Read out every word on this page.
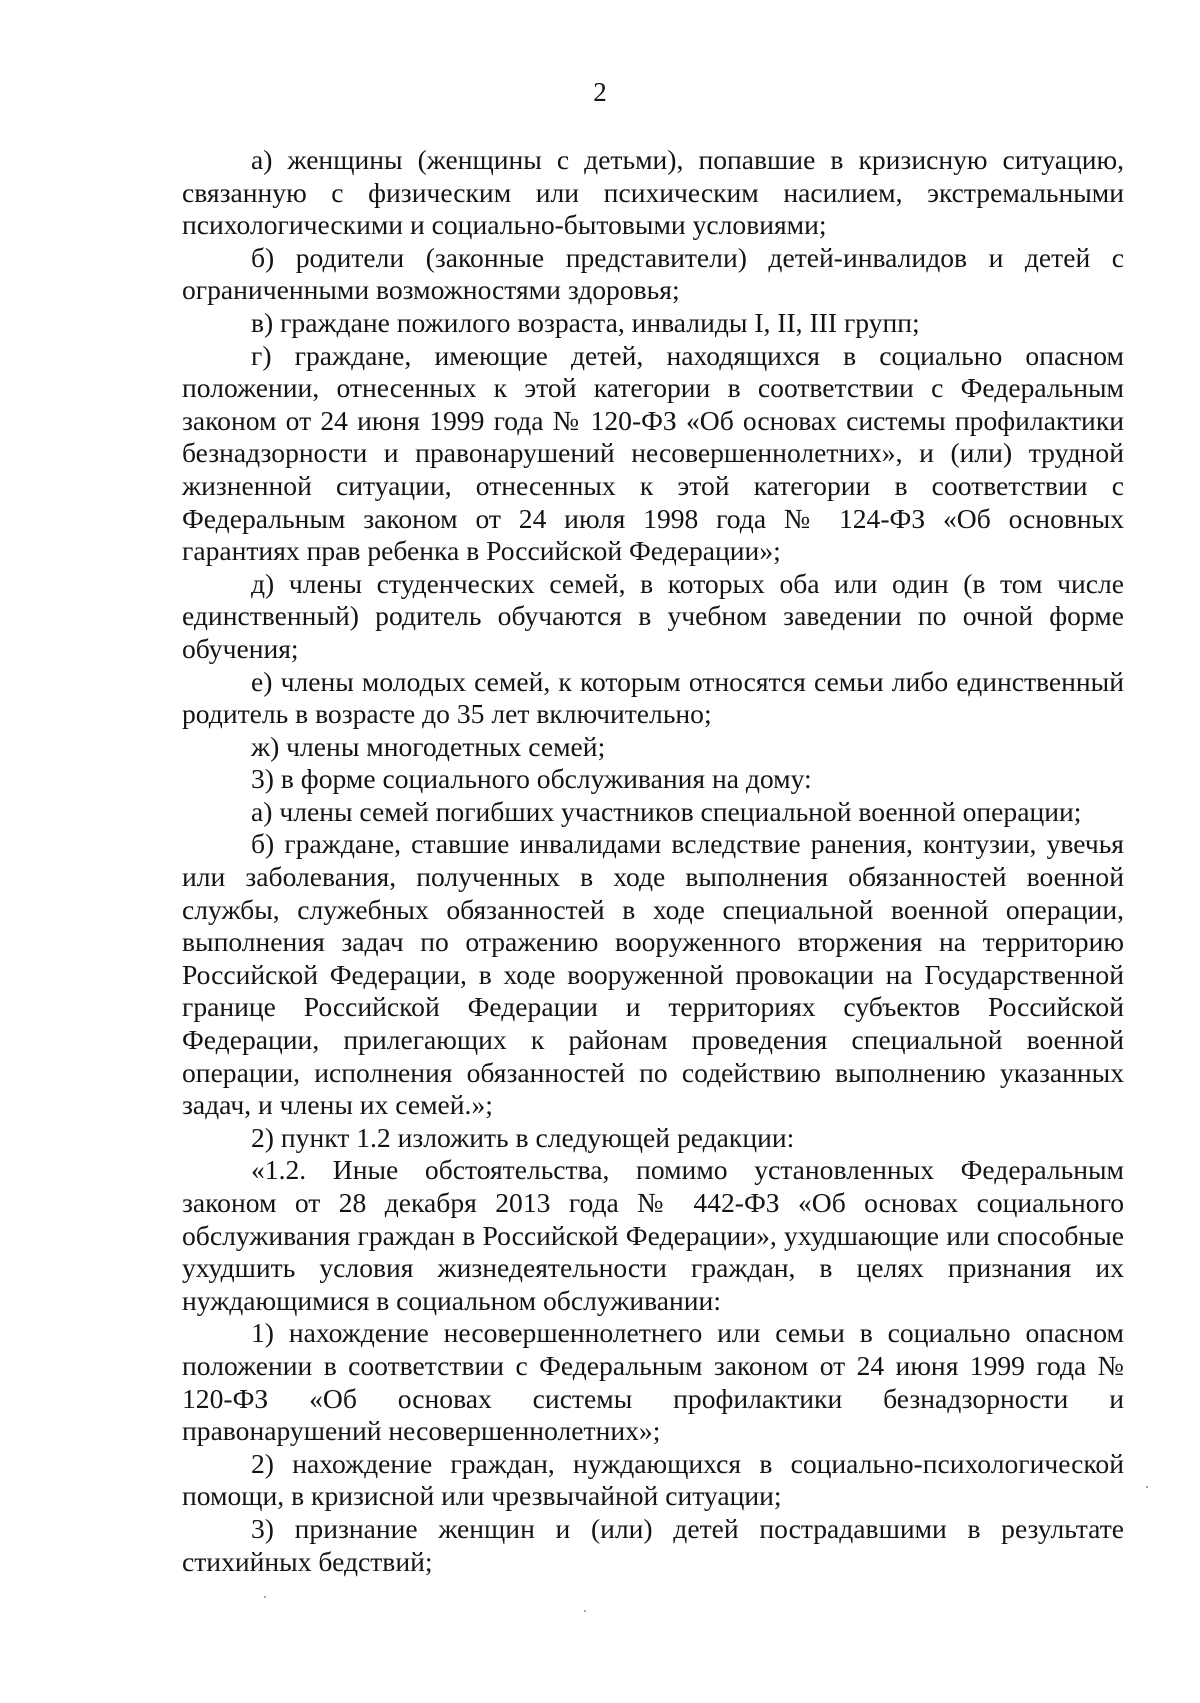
2

а) женщины (женщины с детьми), попавшие в кризисную ситуацию, связанную с физическим или психическим насилием, экстремальными психологическими и социально-бытовыми условиями;

б) родители (законные представители) детей-инвалидов и детей с ограниченными возможностями здоровья;

в) граждане пожилого возраста, инвалиды I, II, III групп;

г) граждане, имеющие детей, находящихся в социально опасном положении, отнесенных к этой категории в соответствии с Федеральным законом от 24 июня 1999 года № 120-ФЗ «Об основах системы профилактики безнадзорности и правонарушений несовершеннолетних», и (или) трудной жизненной ситуации, отнесенных к этой категории в соответствии с Федеральным законом от 24 июля 1998 года № 124-ФЗ «Об основных гарантиях прав ребенка в Российской Федерации»;

д) члены студенческих семей, в которых оба или один (в том числе единственный) родитель обучаются в учебном заведении по очной форме обучения;

е) члены молодых семей, к которым относятся семьи либо единственный родитель в возрасте до 35 лет включительно;

ж) члены многодетных семей;

3) в форме социального обслуживания на дому:

а) члены семей погибших участников специальной военной операции;

б) граждане, ставшие инвалидами вследствие ранения, контузии, увечья или заболевания, полученных в ходе выполнения обязанностей военной службы, служебных обязанностей в ходе специальной военной операции, выполнения задач по отражению вооруженного вторжения на территорию Российской Федерации, в ходе вооруженной провокации на Государственной границе Российской Федерации и территориях субъектов Российской Федерации, прилегающих к районам проведения специальной военной операции, исполнения обязанностей по содействию выполнению указанных задач, и члены их семей.»;

2) пункт 1.2 изложить в следующей редакции:

«1.2. Иные обстоятельства, помимо установленных Федеральным законом от 28 декабря 2013 года № 442-ФЗ «Об основах социального обслуживания граждан в Российской Федерации», ухудшающие или способные ухудшить условия жизнедеятельности граждан, в целях признания их нуждающимися в социальном обслуживании:

1) нахождение несовершеннолетнего или семьи в социально опасном положении в соответствии с Федеральным законом от 24 июня 1999 года № 120-ФЗ «Об основах системы профилактики безнадзорности и правонарушений несовершеннолетних»;

2) нахождение граждан, нуждающихся в социально-психологической помощи, в кризисной или чрезвычайной ситуации;

3) признание женщин и (или) детей пострадавшими в результате стихийных бедствий;
